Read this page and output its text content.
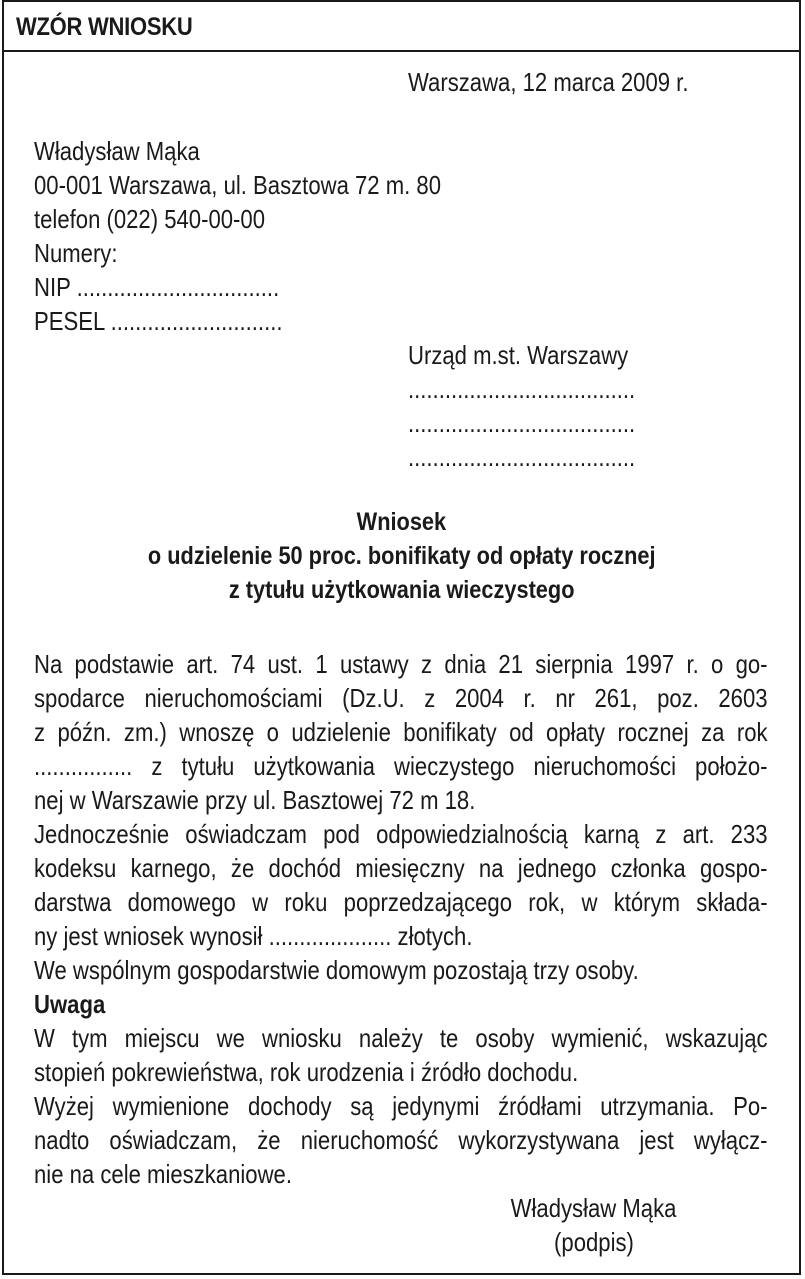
WZÓR WNIOSKU
Warszawa, 12 marca 2009 r.
Władysław Mąka
00-001 Warszawa, ul. Basztowa 72 m. 80
telefon (022) 540-00-00
Numery:
NIP .................................
PESEL ............................
Urząd m.st. Warszawy
.....................................
.....................................
.....................................
Wniosek
o udzielenie 50 proc. bonifikaty od opłaty rocznej
z tytułu użytkowania wieczystego
Na podstawie art. 74 ust. 1 ustawy z dnia 21 sierpnia 1997 r. o go-
spodarce nieruchomościami (Dz.U. z 2004 r. nr 261, poz. 2603
z późn. zm.) wnoszę o udzielenie bonifikaty od opłaty rocznej za rok
................ z tytułu użytkowania wieczystego nieruchomości położo-
nej w Warszawie przy ul. Basztowej 72 m 18.
Jednocześnie oświadczam pod odpowiedzialnością karną z art. 233
kodeksu karnego, że dochód miesięczny na jednego członka gospo-
darstwa domowego w roku poprzedzającego rok, w którym składa-
ny jest wniosek wynosił .................... złotych.
We wspólnym gospodarstwie domowym pozostają trzy osoby.
Uwaga
W tym miejscu we wniosku należy te osoby wymienić, wskazując
stopień pokrewieństwa, rok urodzenia i źródło dochodu.
Wyżej wymienione dochody są jedynymi źródłami utrzymania. Po-
nadto oświadczam, że nieruchomość wykorzystywana jest wyłącz-
nie na cele mieszkaniowe.
Władysław Mąka
(podpis)
